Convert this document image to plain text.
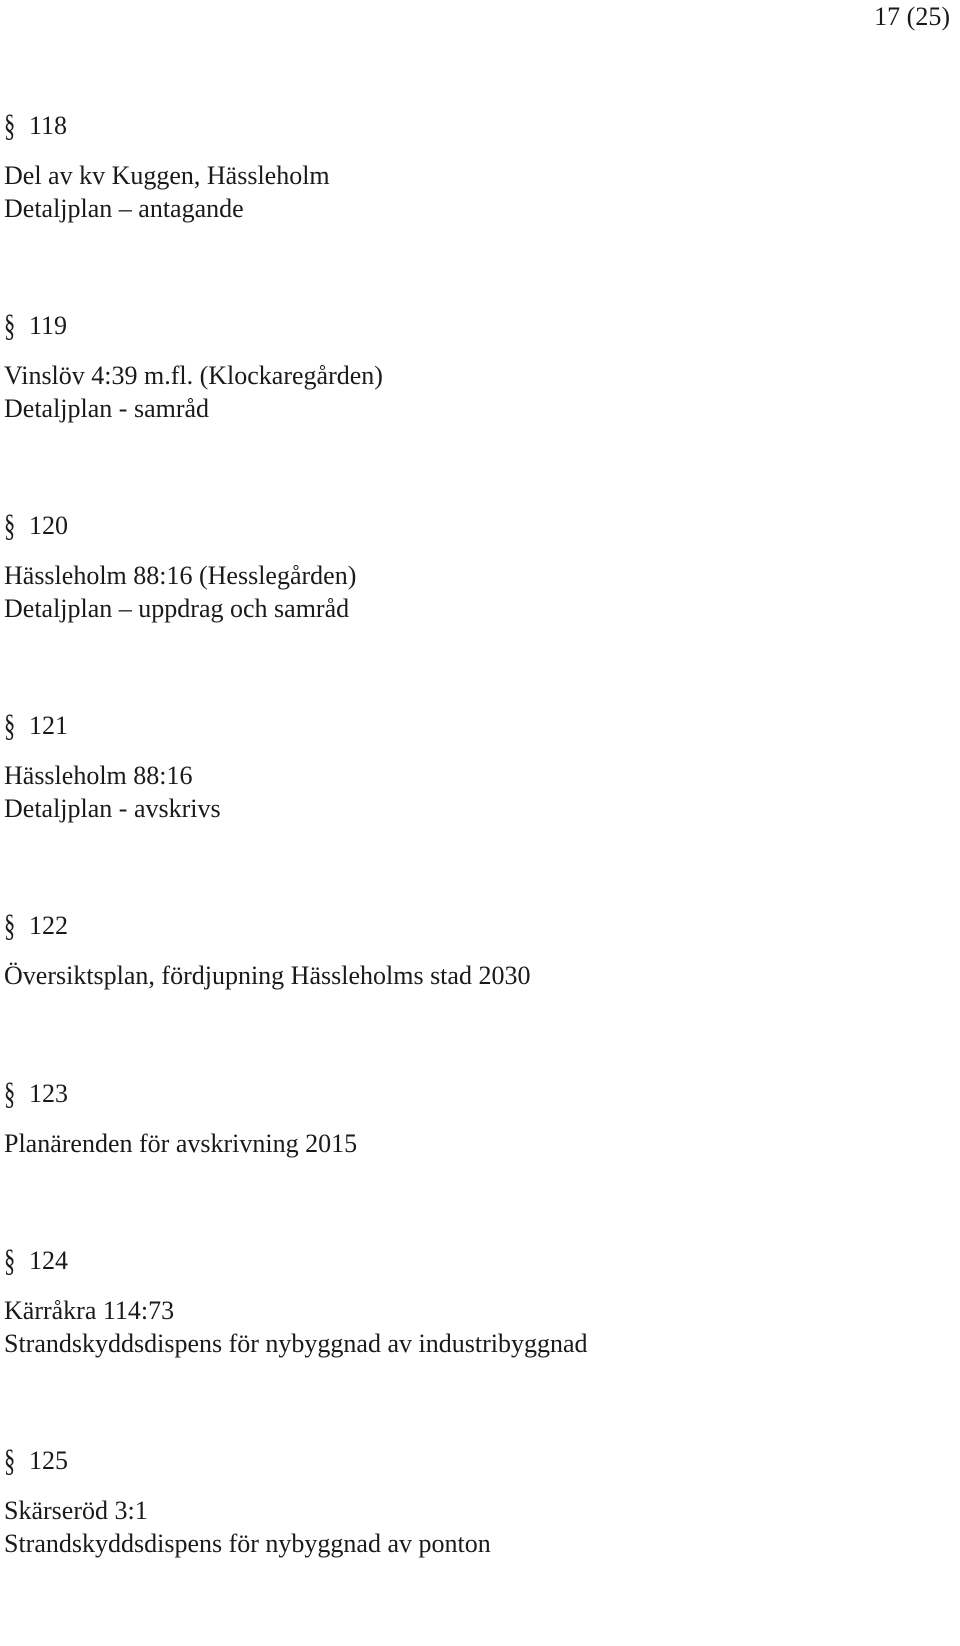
17 (25)
§ 118
Del av kv Kuggen, Hässleholm
Detaljplan – antagande
§ 119
Vinslöv 4:39 m.fl. (Klockaregården)
Detaljplan - samråd
§ 120
Hässleholm 88:16 (Hesslegården)
Detaljplan – uppdrag och samråd
§ 121
Hässleholm 88:16
Detaljplan - avskrivs
§ 122
Översiktsplan, fördjupning Hässleholms stad 2030
§ 123
Planärenden för avskrivning 2015
§ 124
Kärråkra 114:73
Strandskyddsdispens för nybyggnad av industribyggnad
§ 125
Skärseröd 3:1
Strandskyddsdispens för nybyggnad av ponton
